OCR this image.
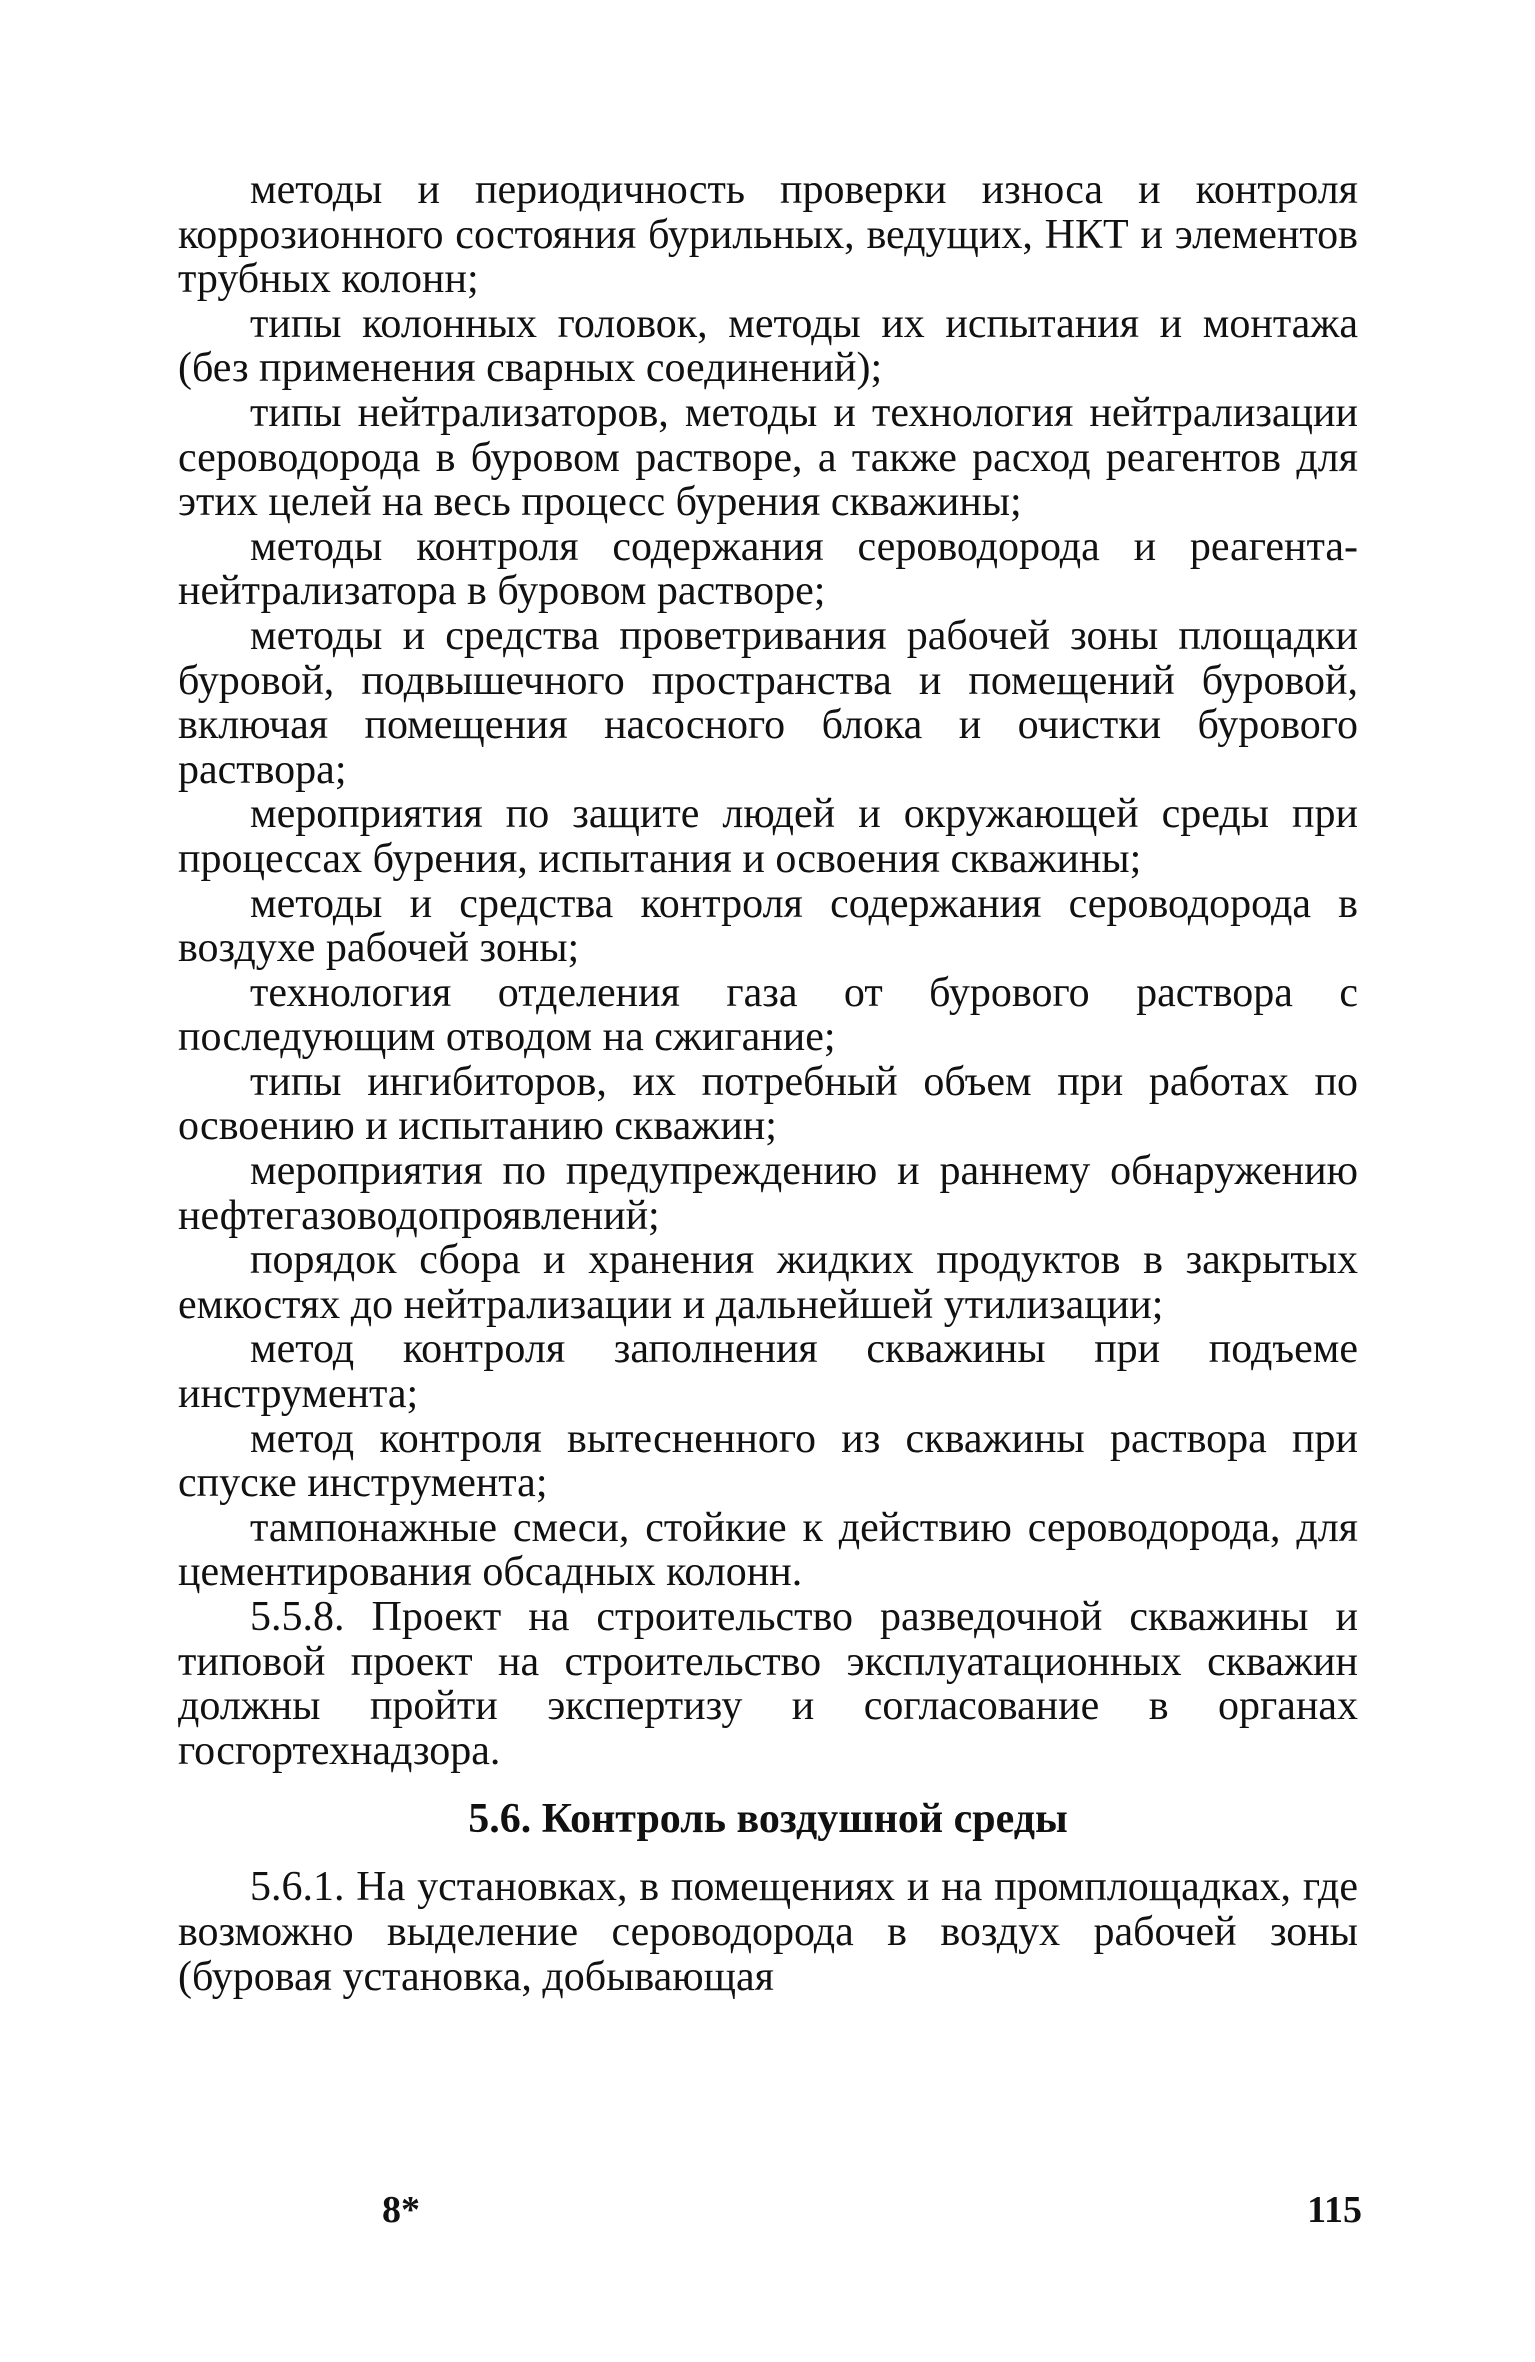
методы и периодичность проверки износа и контроля коррозионного состояния бурильных, ведущих, НКТ и элементов трубных колонн;

типы колонных головок, методы их испытания и монтажа (без применения сварных соединений);

типы нейтрализаторов, методы и технология нейтрализации сероводорода в буровом растворе, а также расход реагентов для этих целей на весь процесс бурения скважины;

методы контроля содержания сероводорода и реагента-нейтрализатора в буровом растворе;

методы и средства проветривания рабочей зоны площадки буровой, подвышечного пространства и помещений буровой, включая помещения насосного блока и очистки бурового раствора;

мероприятия по защите людей и окружающей среды при процессах бурения, испытания и освоения скважины;

методы и средства контроля содержания сероводорода в воздухе рабочей зоны;

технология отделения газа от бурового раствора с последующим отводом на сжигание;

типы ингибиторов, их потребный объем при работах по освоению и испытанию скважин;

мероприятия по предупреждению и раннему обнаружению нефтегазоводопроявлений;

порядок сбора и хранения жидких продуктов в закрытых емкостях до нейтрализации и дальнейшей утилизации;

метод контроля заполнения скважины при подъеме инструмента;

метод контроля вытесненного из скважины раствора при спуске инструмента;

тампонажные смеси, стойкие к действию сероводорода, для цементирования обсадных колонн.

5.5.8. Проект на строительство разведочной скважины и типовой проект на строительство эксплуатационных скважин должны пройти экспертизу и согласование в органах госгортехнадзора.

5.6. Контроль воздушной среды

5.6.1. На установках, в помещениях и на промплощадках, где возможно выделение сероводорода в воздух рабочей зоны (буровая установка, добывающая

8*	115
